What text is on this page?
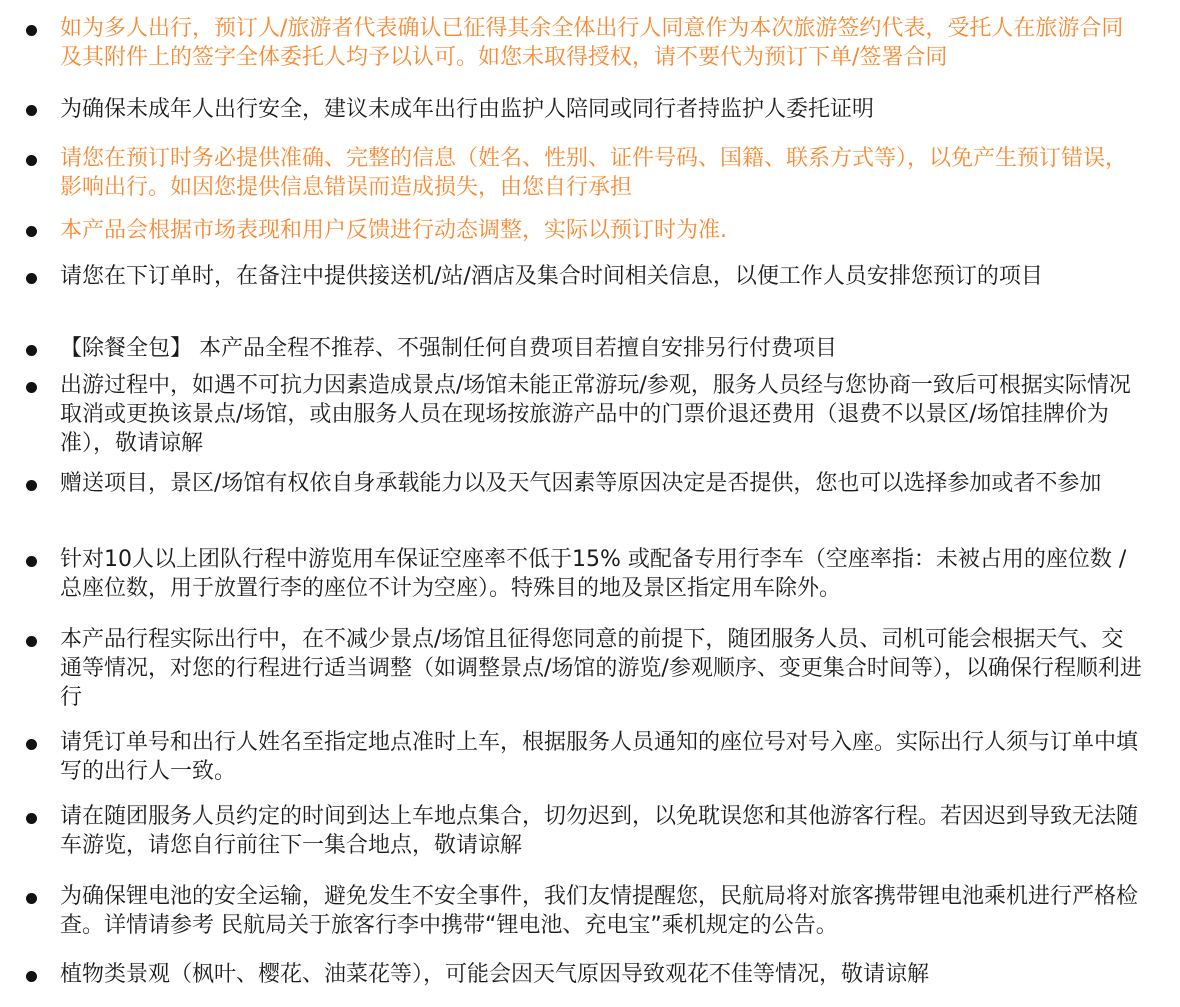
如为多人出行，预订人/旅游者代表确认已征得其余全体出行人同意作为本次旅游签约代表，受托人在旅游合同及其附件上的签字全体委托人均予以认可。如您未取得授权，请不要代为预订下单/签署合同
为确保未成年人出行安全，建议未成年出行由监护人陪同或同行者持监护人委托证明
请您在预订时务必提供准确、完整的信息（姓名、性别、证件号码、国籍、联系方式等），以免产生预订错误，影响出行。如因您提供信息错误而造成损失，由您自行承担
本产品会根据市场表现和用户反馈进行动态调整，实际以预订时为准.
请您在下订单时，在备注中提供接送机/站/酒店及集合时间相关信息，以便工作人员安排您预订的项目
【除餐全包】 本产品全程不推荐、不强制任何自费项目若擅自安排另行付费项目
出游过程中，如遇不可抗力因素造成景点/场馆未能正常游玩/参观，服务人员经与您协商一致后可根据实际情况取消或更换该景点/场馆，或由服务人员在现场按旅游产品中的门票价退还费用（退费不以景区/场馆挂牌价为准），敬请谅解
赠送项目，景区/场馆有权依自身承载能力以及天气因素等原因决定是否提供，您也可以选择参加或者不参加
针对10人以上团队行程中游览用车保证空座率不低于15% 或配备专用行李车（空座率指：未被占用的座位数 / 总座位数，用于放置行李的座位不计为空座）。特殊目的地及景区指定用车除外。
本产品行程实际出行中，在不减少景点/场馆且征得您同意的前提下，随团服务人员、司机可能会根据天气、交通等情况，对您的行程进行适当调整（如调整景点/场馆的游览/参观顺序、变更集合时间等），以确保行程顺利进行
请凭订单号和出行人姓名至指定地点准时上车，根据服务人员通知的座位号对号入座。实际出行人须与订单中填写的出行人一致。
请在随团服务人员约定的时间到达上车地点集合，切勿迟到，以免耽误您和其他游客行程。若因迟到导致无法随车游览，请您自行前往下一集合地点，敬请谅解
为确保锂电池的安全运输，避免发生不安全事件，我们友情提醒您，民航局将对旅客携带锂电池乘机进行严格检查。详情请参考 民航局关于旅客行李中携带“锂电池、充电宝”乘机规定的公告。
植物类景观（枫叶、樱花、油菜花等），可能会因天气原因导致观花不佳等情况，敬请谅解
